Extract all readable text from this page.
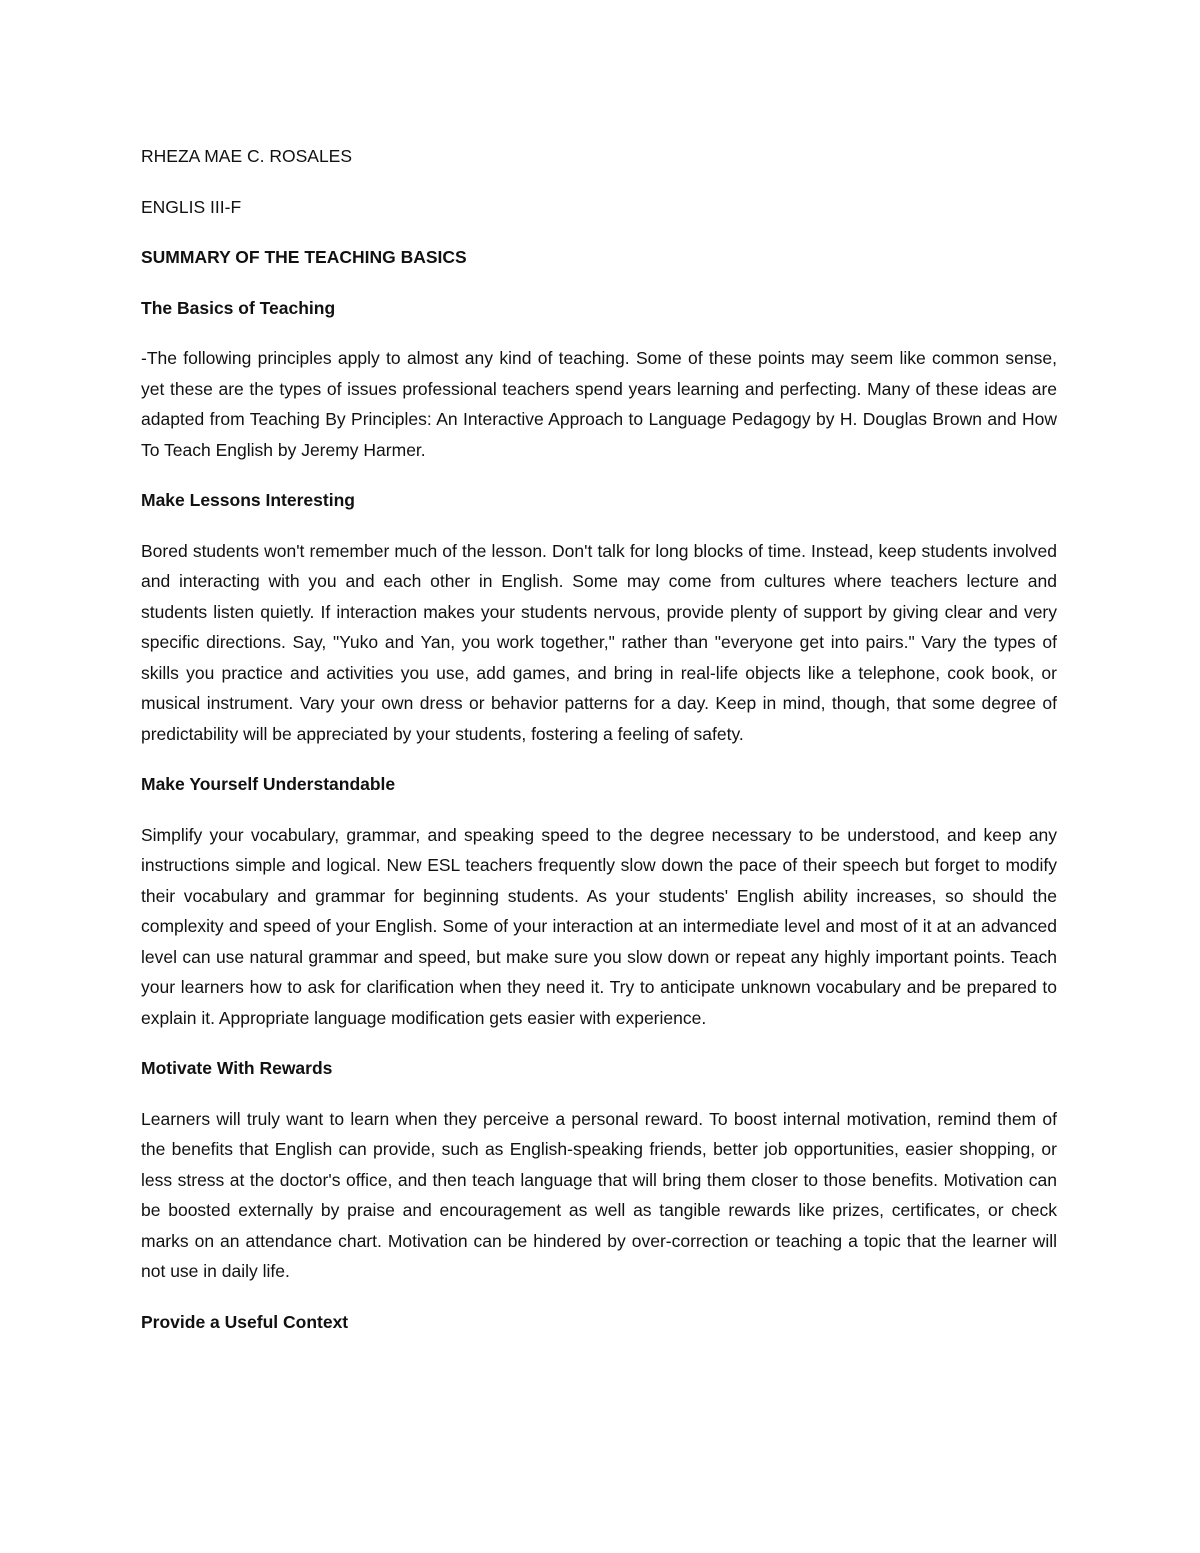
RHEZA MAE C. ROSALES

ENGLIS III-F

SUMMARY OF THE TEACHING BASICS

The Basics of Teaching

-The following principles apply to almost any kind of teaching. Some of these points may seem like common sense, yet these are the types of issues professional teachers spend years learning and perfecting. Many of these ideas are adapted from Teaching By Principles: An Interactive Approach to Language Pedagogy by H. Douglas Brown and How To Teach English by Jeremy Harmer.

Make Lessons Interesting

Bored students won't remember much of the lesson. Don't talk for long blocks of time. Instead, keep students involved and interacting with you and each other in English. Some may come from cultures where teachers lecture and students listen quietly. If interaction makes your students nervous, provide plenty of support by giving clear and very specific directions. Say, "Yuko and Yan, you work together," rather than "everyone get into pairs." Vary the types of skills you practice and activities you use, add games, and bring in real-life objects like a telephone, cook book, or musical instrument. Vary your own dress or behavior patterns for a day. Keep in mind, though, that some degree of predictability will be appreciated by your students, fostering a feeling of safety.

Make Yourself Understandable

Simplify your vocabulary, grammar, and speaking speed to the degree necessary to be understood, and keep any instructions simple and logical. New ESL teachers frequently slow down the pace of their speech but forget to modify their vocabulary and grammar for beginning students. As your students' English ability increases, so should the complexity and speed of your English. Some of your interaction at an intermediate level and most of it at an advanced level can use natural grammar and speed, but make sure you slow down or repeat any highly important points. Teach your learners how to ask for clarification when they need it. Try to anticipate unknown vocabulary and be prepared to explain it. Appropriate language modification gets easier with experience.

Motivate With Rewards

Learners will truly want to learn when they perceive a personal reward. To boost internal motivation, remind them of the benefits that English can provide, such as English-speaking friends, better job opportunities, easier shopping, or less stress at the doctor's office, and then teach language that will bring them closer to those benefits. Motivation can be boosted externally by praise and encouragement as well as tangible rewards like prizes, certificates, or check marks on an attendance chart. Motivation can be hindered by over-correction or teaching a topic that the learner will not use in daily life.

Provide a Useful Context
